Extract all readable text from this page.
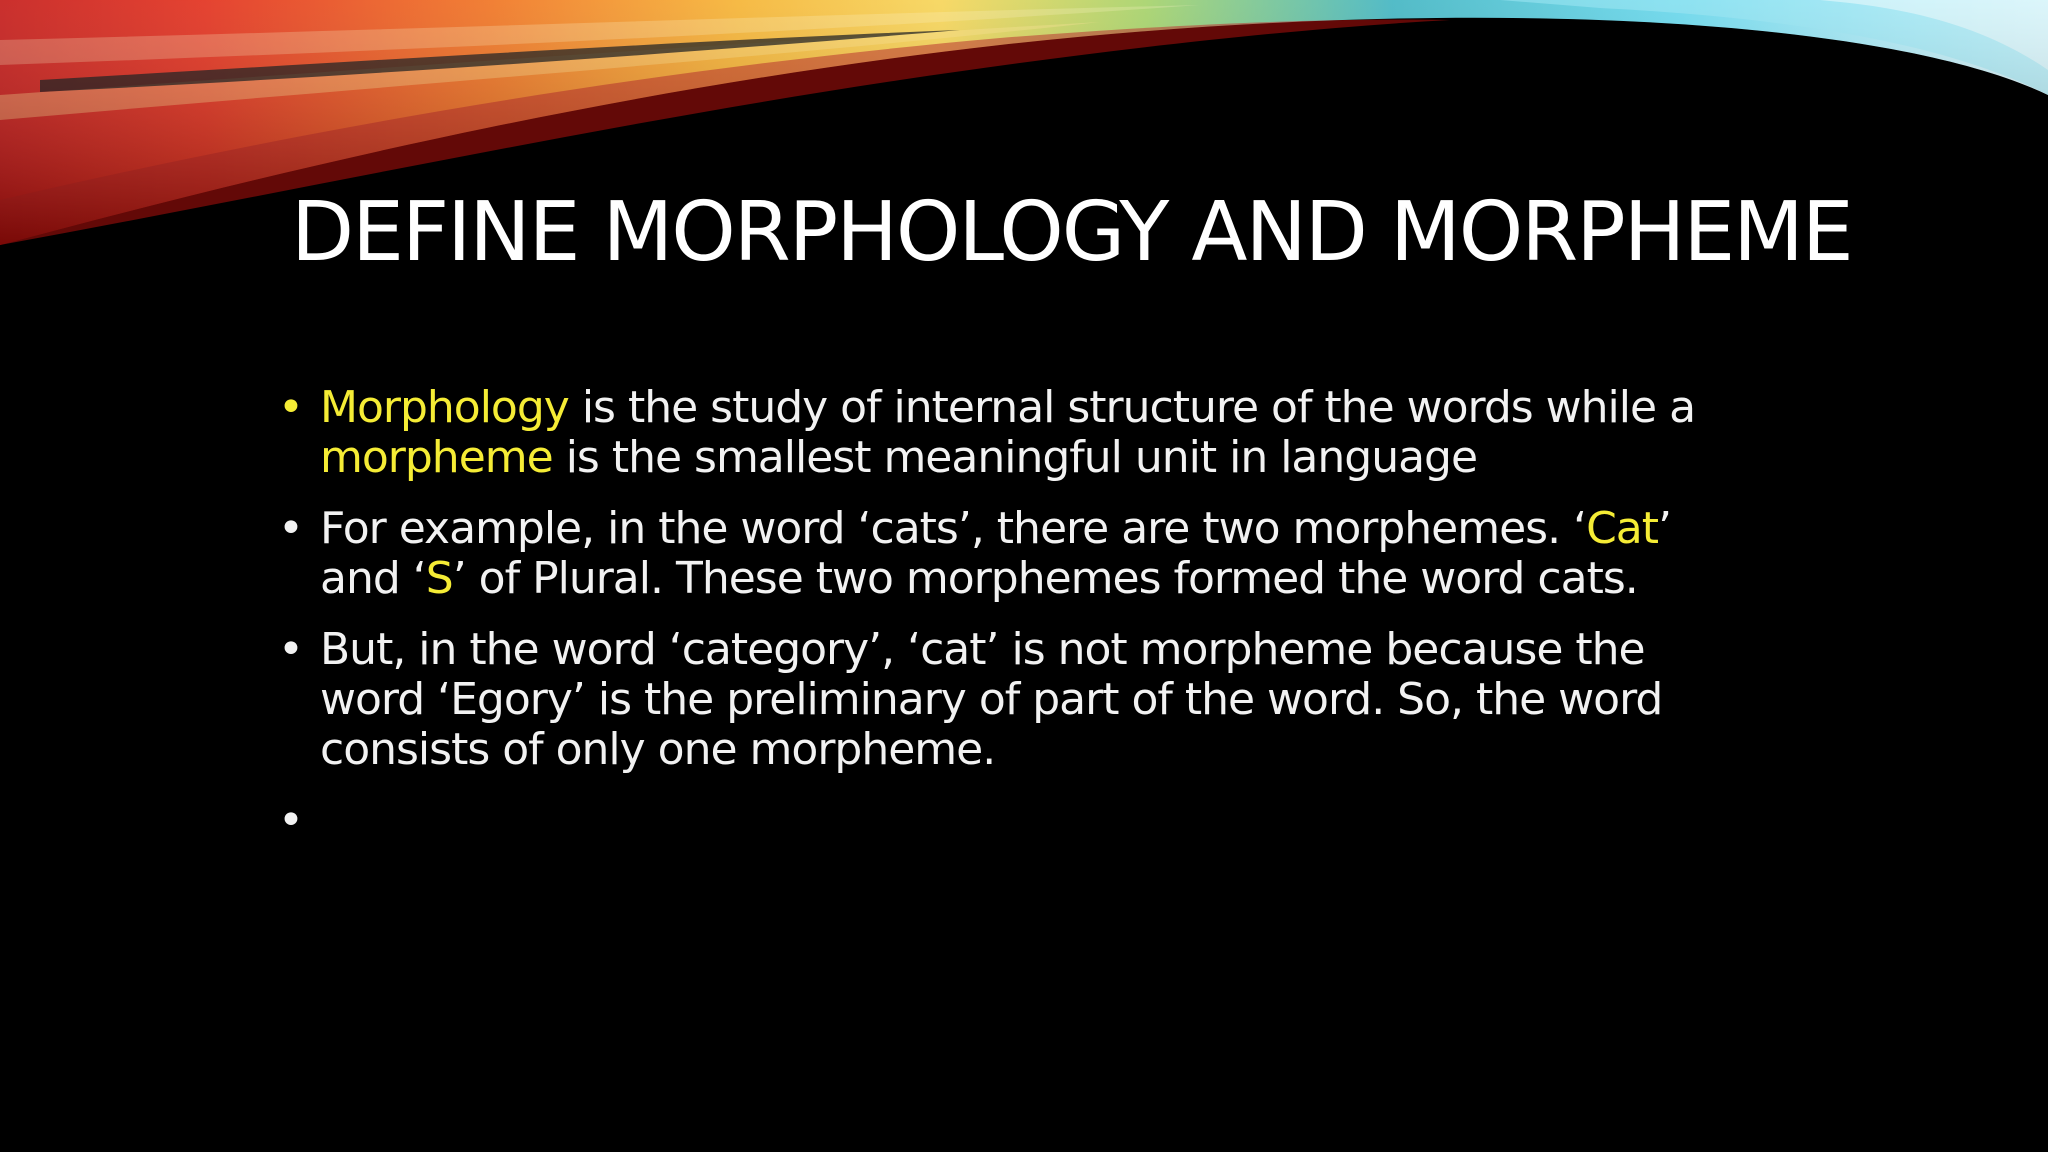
DEFINE MORPHOLOGY AND MORPHEME
• Morphology is the study of internal structure of the words while a morpheme is the smallest meaningful unit in language
• For example, in the word ‘cats’, there are two morphemes. ‘Cat’ and ‘S’ of Plural. These two morphemes formed the word cats.
• But, in the word ‘category’, ‘cat’ is not morpheme because the word ‘Egory’ is the preliminary of part of the word. So, the word consists of only one morpheme.
•
